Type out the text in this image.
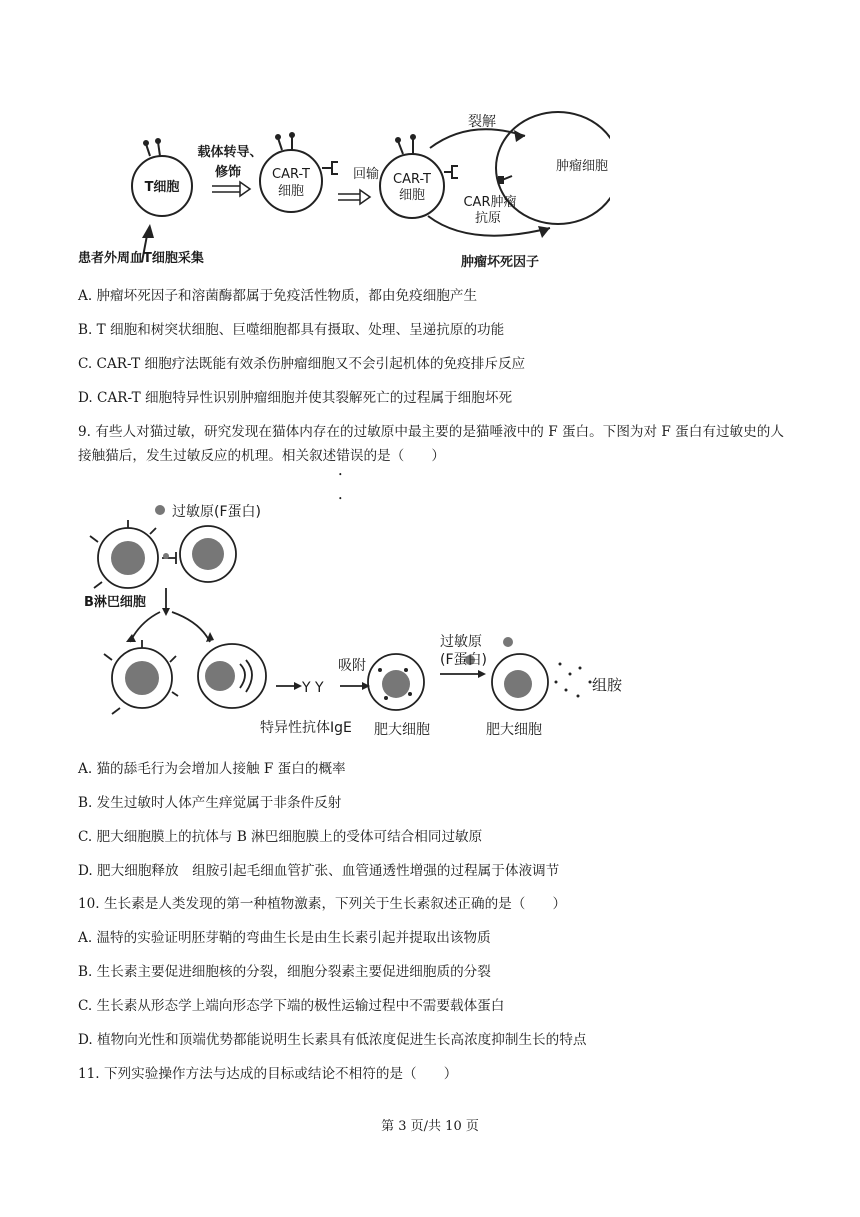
T细胞
载体转导、
修饰 CAR-T
细胞
回输 CAR-T
细胞
裂解
肿瘤细胞
CAR肿瘤
抗原
肿瘤坏死因子
患者外周血T细胞采集
A. 肿瘤坏死因子和溶菌酶都属于免疫活性物质，都由免疫细胞产生
B. T 细胞和树突状细胞、巨噬细胞都具有摄取、处理、呈递抗原的功能
C. CAR-T 细胞疗法既能有效杀伤肿瘤细胞又不会引起机体的免疫排斥反应
D. CAR-T 细胞特异性识别肿瘤细胞并使其裂解死亡的过程属于细胞坏死
9. 有些人对猫过敏，研究发现在猫体内存在的过敏原中最主要的是猫唾液中的 F 蛋白。下图为对 F 蛋白有过敏史的人接触猫后，发生过敏反应的机理。相关叙述错误 • •的是（　　）
过敏原(F蛋白)
B淋巴细胞
Y Y
吸附
特异性抗体IgE 肥大细胞
过敏原
(F蛋白)
肥大细胞
组胺
A. 猫的舔毛行为会增加人接触 F 蛋白的概率
B. 发生过敏时人体产生痒觉属于非条件反射
C. 肥大细胞膜上的抗体与 B 淋巴细胞膜上的受体可结合相同过敏原
D. 肥大细胞释放　组胺引起毛细血管扩张、血管通透性增强的过程属于体液调节
10. 生长素是人类发现的第一种植物激素，下列关于生长素叙述正确的是（　　）
A. 温特的实验证明胚芽鞘的弯曲生长是由生长素引起并提取出该物质
B. 生长素主要促进细胞核的分裂，细胞分裂素主要促进细胞质的分裂
C. 生长素从形态学上端向形态学下端的极性运输过程中不需要载体蛋白
D. 植物向光性和顶端优势都能说明生长素具有低浓度促进生长高浓度抑制生长的特点
11. 下列实验操作方法与达成的目标或结论不相符的是（　　）
第 3 页/共 10 页
